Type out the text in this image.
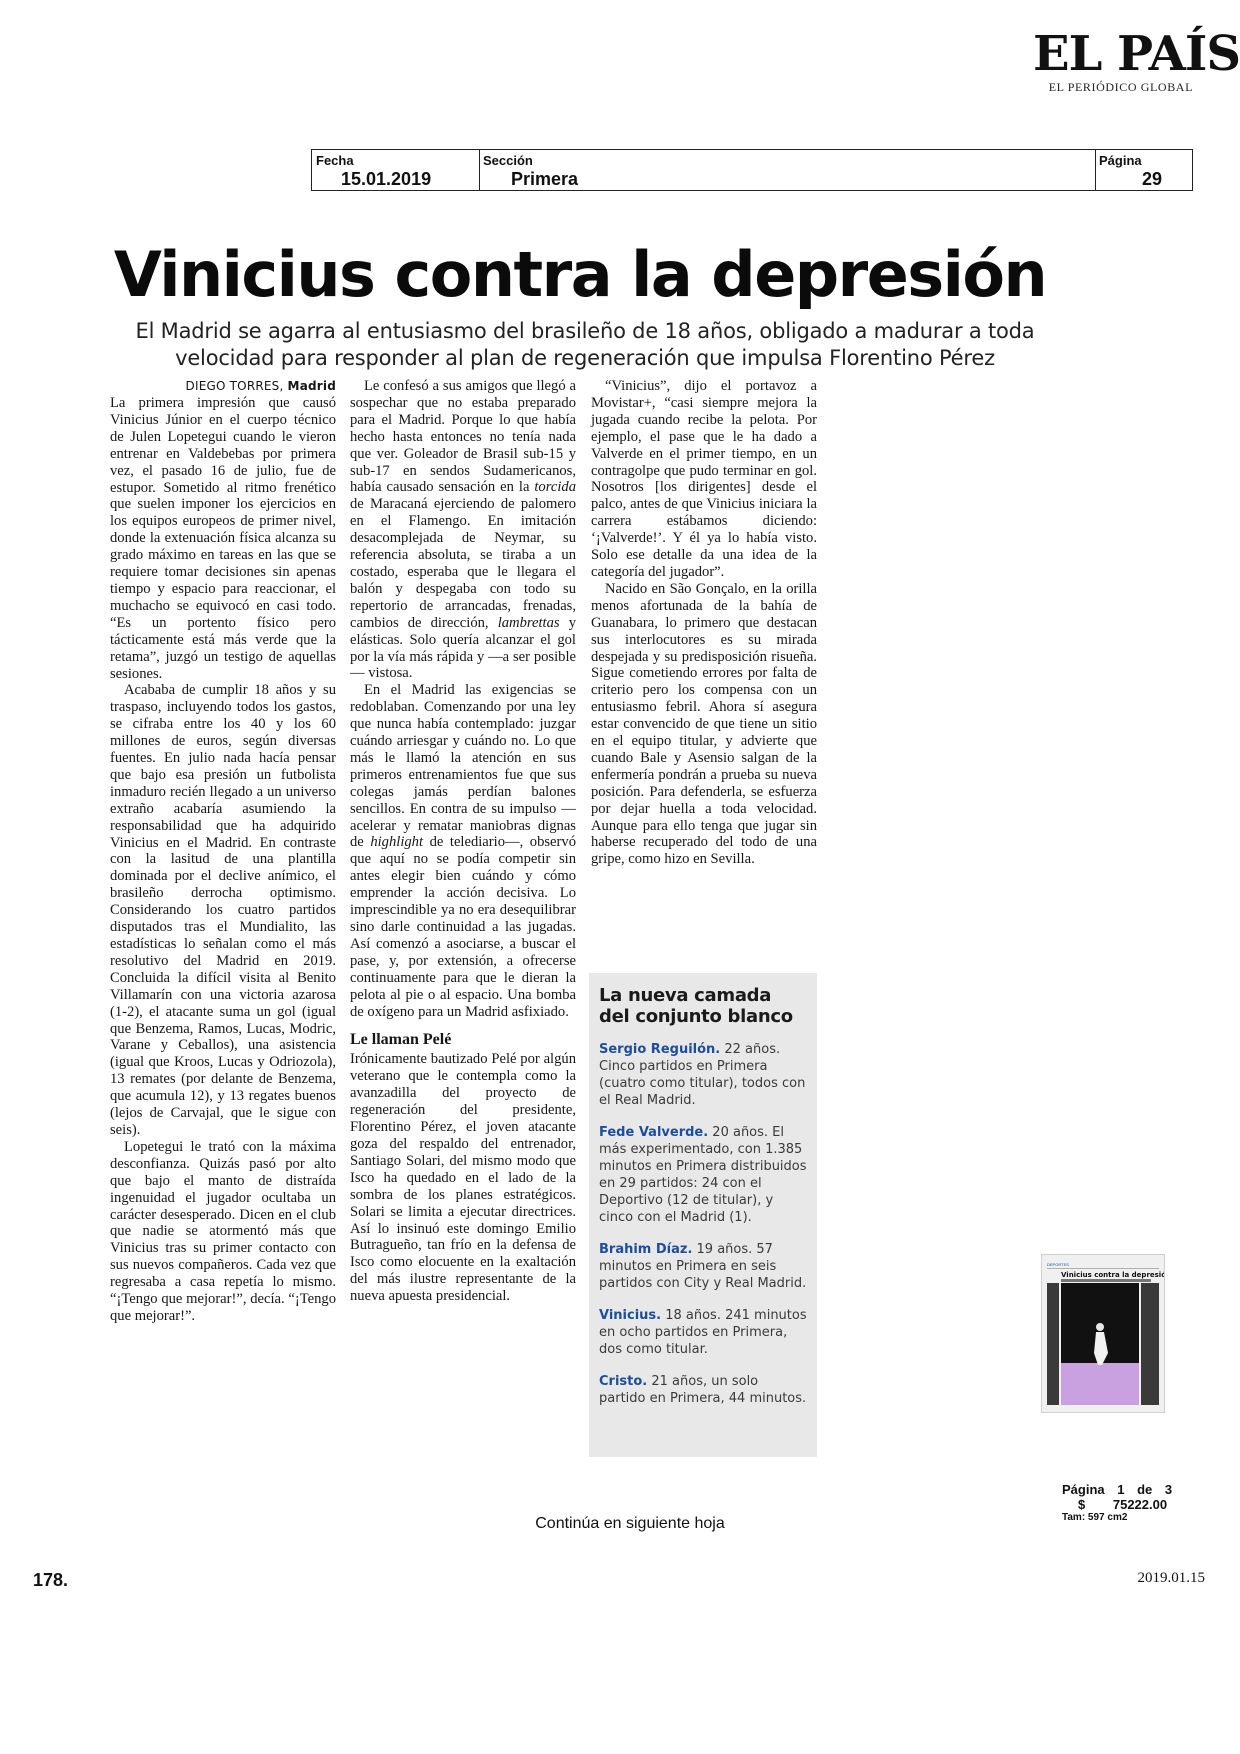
EL PAÍS
EL PERIÓDICO GLOBAL
Fecha
15.01.2019
Sección
Primera
Página
29
Vinicius contra la depresión
El Madrid se agarra al entusiasmo del brasileño de 18 años, obligado a madurar a toda velocidad para responder al plan de regeneración que impulsa Florentino Pérez
DIEGO TORRES, Madrid

La primera impresión que causó Vinicius Júnior en el cuerpo técnico de Julen Lopetegui cuando le vieron entrenar en Valdebebas por primera vez, el pasado 16 de julio, fue de estupor. Sometido al ritmo frenético que suelen imponer los ejercicios en los equipos europeos de primer nivel, donde la extenuación física alcanza su grado máximo en tareas en las que se requiere tomar decisiones sin apenas tiempo y espacio para reaccionar, el muchacho se equivocó en casi todo. “Es un portento físico pero tácticamente está más verde que la retama”, juzgó un testigo de aquellas sesiones.

Acababa de cumplir 18 años y su traspaso, incluyendo todos los gastos, se cifraba entre los 40 y los 60 millones de euros, según diversas fuentes. En julio nada hacía pensar que bajo esa presión un futbolista inmaduro recién llegado a un universo extraño acabaría asumiendo la responsabilidad que ha adquirido Vinicius en el Madrid. En contraste con la lasitud de una plantilla dominada por el declive anímico, el brasileño derrocha optimismo. Considerando los cuatro partidos disputados tras el Mundialito, las estadísticas lo señalan como el más resolutivo del Madrid en 2019. Concluida la difícil visita al Benito Villamarín con una victoria azarosa (1-2), el atacante suma un gol (igual que Benzema, Ramos, Lucas, Modric, Varane y Ceballos), una asistencia (igual que Kroos, Lucas y Odriozola), 13 remates (por delante de Benzema, que acumula 12), y 13 regates buenos (lejos de Carvajal, que le sigue con seis).

Lopetegui le trató con la máxima desconfianza. Quizás pasó por alto que bajo el manto de distraída ingenuidad el jugador ocultaba un carácter desesperado. Dicen en el club que nadie se atormentó más que Vinicius tras su primer contacto con sus nuevos compañeros. Cada vez que regresaba a casa repetía lo mismo. “¡Tengo que mejorar!”, decía. “¡Tengo que mejorar!”.

Le confesó a sus amigos que llegó a sospechar que no estaba preparado para el Madrid. Porque lo que había hecho hasta entonces no tenía nada que ver. Goleador de Brasil sub-15 y sub-17 en sendos Sudamericanos, había causado sensación en la torcida de Maracaná ejerciendo de palomero en el Flamengo. En imitación desacomplejada de Neymar, su referencia absoluta, se tiraba a un costado, esperaba que le llegara el balón y despegaba con todo su repertorio de arrancadas, frenadas, cambios de dirección, lambrettas y elásticas. Solo quería alcanzar el gol por la vía más rápida y —a ser posible— vistosa.

En el Madrid las exigencias se redoblaban. Comenzando por una ley que nunca había contemplado: juzgar cuándo arriesgar y cuándo no. Lo que más le llamó la atención en sus primeros entrenamientos fue que sus colegas jamás perdían balones sencillos. En contra de su impulso —acelerar y rematar maniobras dignas de highlight de telediario—, observó que aquí no se podía competir sin antes elegir bien cuándo y cómo emprender la acción decisiva. Lo imprescindible ya no era desequilibrar sino darle continuidad a las jugadas. Así comenzó a asociarse, a buscar el pase, y, por extensión, a ofrecerse continuamente para que le dieran la pelota al pie o al espacio. Una bomba de oxígeno para un Madrid asfixiado.

Le llaman Pelé

Irónicamente bautizado Pelé por algún veterano que le contempla como la avanzadilla del proyecto de regeneración del presidente, Florentino Pérez, el joven atacante goza del respaldo del entrenador, Santiago Solari, del mismo modo que Isco ha quedado en el lado de la sombra de los planes estratégicos. Solari se limita a ejecutar directrices. Así lo insinuó este domingo Emilio Butragueño, tan frío en la defensa de Isco como elocuente en la exaltación del más ilustre representante de la nueva apuesta presidencial.

“Vinicius”, dijo el portavoz a Movistar+, “casi siempre mejora la jugada cuando recibe la pelota. Por ejemplo, el pase que le ha dado a Valverde en el primer tiempo, en un contragolpe que pudo terminar en gol. Nosotros [los dirigentes] desde el palco, antes de que Vinicius iniciara la carrera estábamos diciendo: ‘¡Valverde!’. Y él ya lo había visto. Solo ese detalle da una idea de la categoría del jugador”.

Nacido en São Gonçalo, en la orilla menos afortunada de la bahía de Guanabara, lo primero que destacan sus interlocutores es su mirada despejada y su predisposición risueña. Sigue cometiendo errores por falta de criterio pero los compensa con un entusiasmo febril. Ahora sí asegura estar convencido de que tiene un sitio en el equipo titular, y advierte que cuando Bale y Asensio salgan de la enfermería pondrán a prueba su nueva posición. Para defenderla, se esfuerza por dejar huella a toda velocidad. Aunque para ello tenga que jugar sin haberse recuperado del todo de una gripe, como hizo en Sevilla.

La nueva camada del conjunto blanco
Sergio Reguilón. 22 años. Cinco partidos en Primera (cuatro como titular), todos con el Real Madrid.
Fede Valverde. 20 años. El más experimentado, con 1.385 minutos en Primera distribuidos en 29 partidos: 24 con el Deportivo (12 de titular), y cinco con el Madrid (1).
Brahim Díaz. 19 años. 57 minutos en Primera en seis partidos con City y Real Madrid.
Vinicius. 18 años. 241 minutos en ocho partidos en Primera, dos como titular.
Cristo. 21 años, un solo partido en Primera, 44 minutos.
DEPORTES
Vinicius contra la depresión
Página 1 de 3
$ 75222.00
Tam: 597 cm2
Continúa en siguiente hoja
178.	2019.01.15
